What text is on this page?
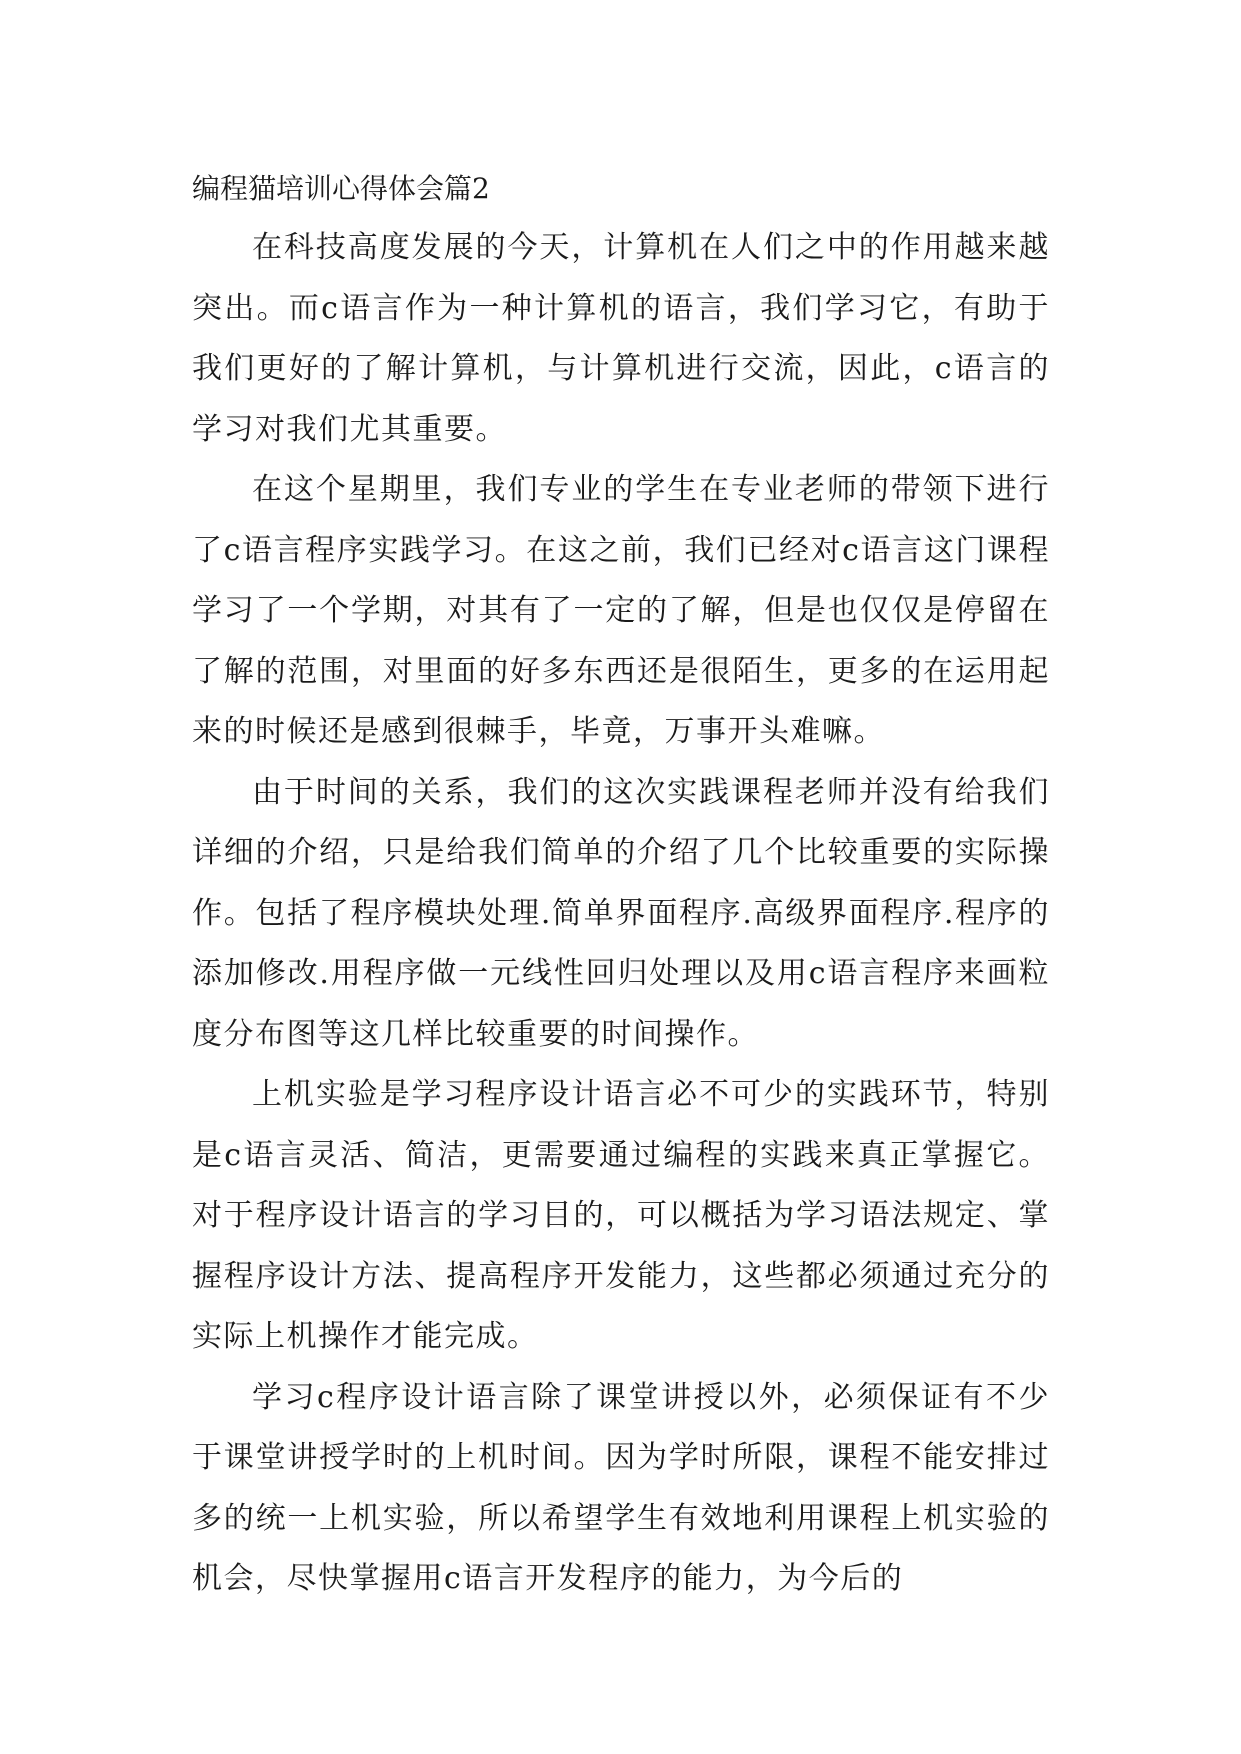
编程猫培训心得体会篇2

在科技高度发展的今天，计算机在人们之中的作用越来越突出。而c语言作为一种计算机的语言，我们学习它，有助于我们更好的了解计算机，与计算机进行交流，因此，c语言的学习对我们尤其重要。

在这个星期里，我们专业的学生在专业老师的带领下进行了c语言程序实践学习。在这之前，我们已经对c语言这门课程学习了一个学期，对其有了一定的了解，但是也仅仅是停留在了解的范围，对里面的好多东西还是很陌生，更多的在运用起来的时候还是感到很棘手，毕竟，万事开头难嘛。

由于时间的关系，我们的这次实践课程老师并没有给我们详细的介绍，只是给我们简单的介绍了几个比较重要的实际操作。包括了程序模块处理.简单界面程序.高级界面程序.程序的添加修改.用程序做一元线性回归处理以及用c语言程序来画粒度分布图等这几样比较重要的时间操作。

上机实验是学习程序设计语言必不可少的实践环节，特别是c语言灵活、简洁，更需要通过编程的实践来真正掌握它。对于程序设计语言的学习目的，可以概括为学习语法规定、掌握程序设计方法、提高程序开发能力，这些都必须通过充分的实际上机操作才能完成。

学习c程序设计语言除了课堂讲授以外，必须保证有不少于课堂讲授学时的上机时间。因为学时所限，课程不能安排过多的统一上机实验，所以希望学生有效地利用课程上机实验的机会，尽快掌握用c语言开发程序的能力，为今后的
